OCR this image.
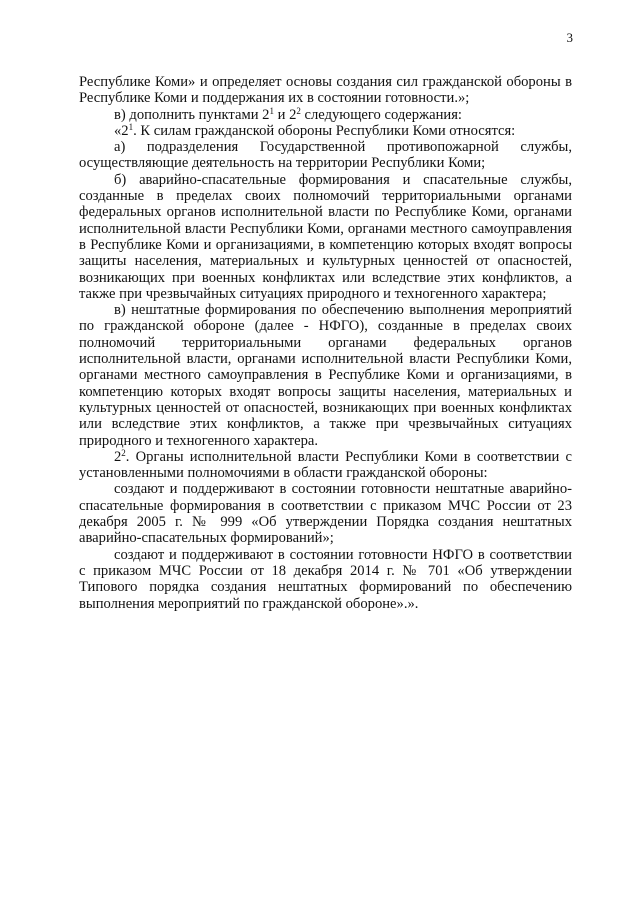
3

Республике Коми» и определяет основы создания сил гражданской обороны в Республике Коми и поддержания их в состоянии готовности.»;

в) дополнить пунктами $2^1$ и $2^2$ следующего содержания:

«$2^1$. К силам гражданской обороны Республики Коми относятся:

а) подразделения Государственной противопожарной службы, осуществляющие деятельность на территории Республики Коми;

б) аварийно-спасательные формирования и спасательные службы, созданные в пределах своих полномочий территориальными органами федеральных органов исполнительной власти по Республике Коми, органами исполнительной власти Республики Коми, органами местного самоуправления в Республике Коми и организациями, в компетенцию которых входят вопросы защиты населения, материальных и культурных ценностей от опасностей, возникающих при военных конфликтах или вследствие этих конфликтов, а также при чрезвычайных ситуациях природного и техногенного характера;

в) нештатные формирования по обеспечению выполнения мероприятий по гражданской обороне (далее - НФГО), созданные в пределах своих полномочий территориальными органами федеральных органов исполнительной власти, органами исполнительной власти Республики Коми, органами местного самоуправления в Республике Коми и организациями, в компетенцию которых входят вопросы защиты населения, материальных и культурных ценностей от опасностей, возникающих при военных конфликтах или вследствие этих конфликтов, а также при чрезвычайных ситуациях природного и техногенного характера.

$2^2$. Органы исполнительной власти Республики Коми в соответствии с установленными полномочиями в области гражданской обороны:

создают и поддерживают в состоянии готовности нештатные аварийно-спасательные формирования в соответствии с приказом МЧС России от 23 декабря 2005 г. № 999 «Об утверждении Порядка создания нештатных аварийно-спасательных формирований»;

создают и поддерживают в состоянии готовности НФГО в соответствии с приказом МЧС России от 18 декабря 2014 г. № 701 «Об утверждении Типового порядка создания нештатных формирований по обеспечению выполнения мероприятий по гражданской обороне».».
